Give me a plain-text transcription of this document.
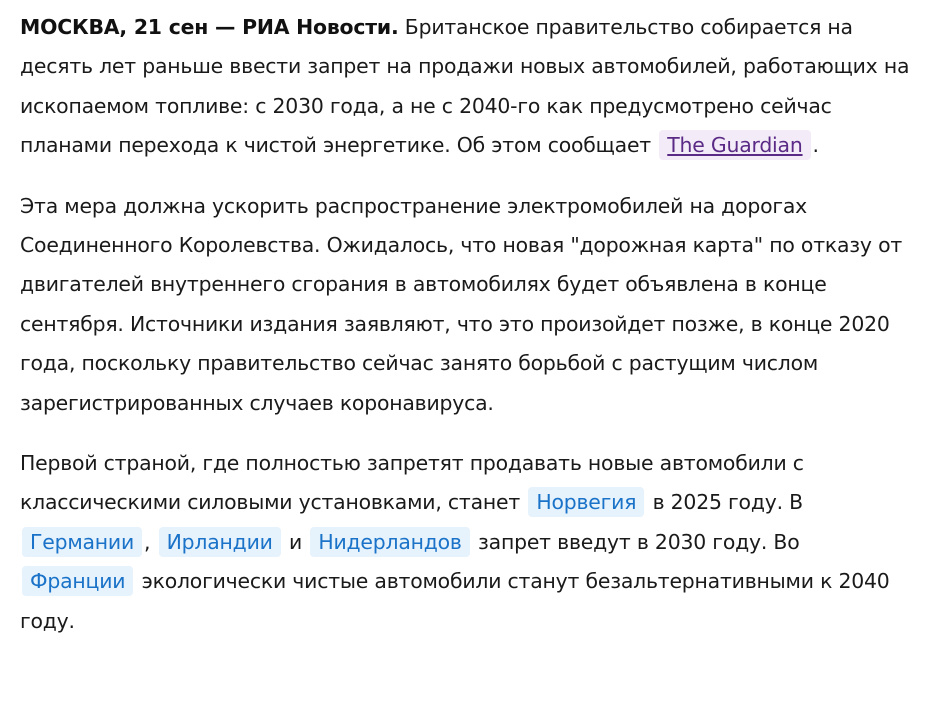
МОСКВА, 21 сен — РИА Новости. Британское правительство собирается на десять лет раньше ввести запрет на продажи новых автомобилей, работающих на ископаемом топливе: с 2030 года, а не с 2040-го как предусмотрено сейчас планами перехода к чистой энергетике. Об этом сообщает The Guardian .

Эта мера должна ускорить распространение электромобилей на дорогах Соединенного Королевства. Ожидалось, что новая "дорожная карта" по отказу от двигателей внутреннего сгорания в автомобилях будет объявлена в конце сентября. Источники издания заявляют, что это произойдет позже, в конце 2020 года, поскольку правительство сейчас занято борьбой с растущим числом зарегистрированных случаев коронавируса.

Первой страной, где полностью запретят продавать новые автомобили с классическими силовыми установками, станет Норвегия в 2025 году. В Германии , Ирландии и Нидерландов запрет введут в 2030 году. Во Франции экологически чистые автомобили станут безальтернативными к 2040 году.
